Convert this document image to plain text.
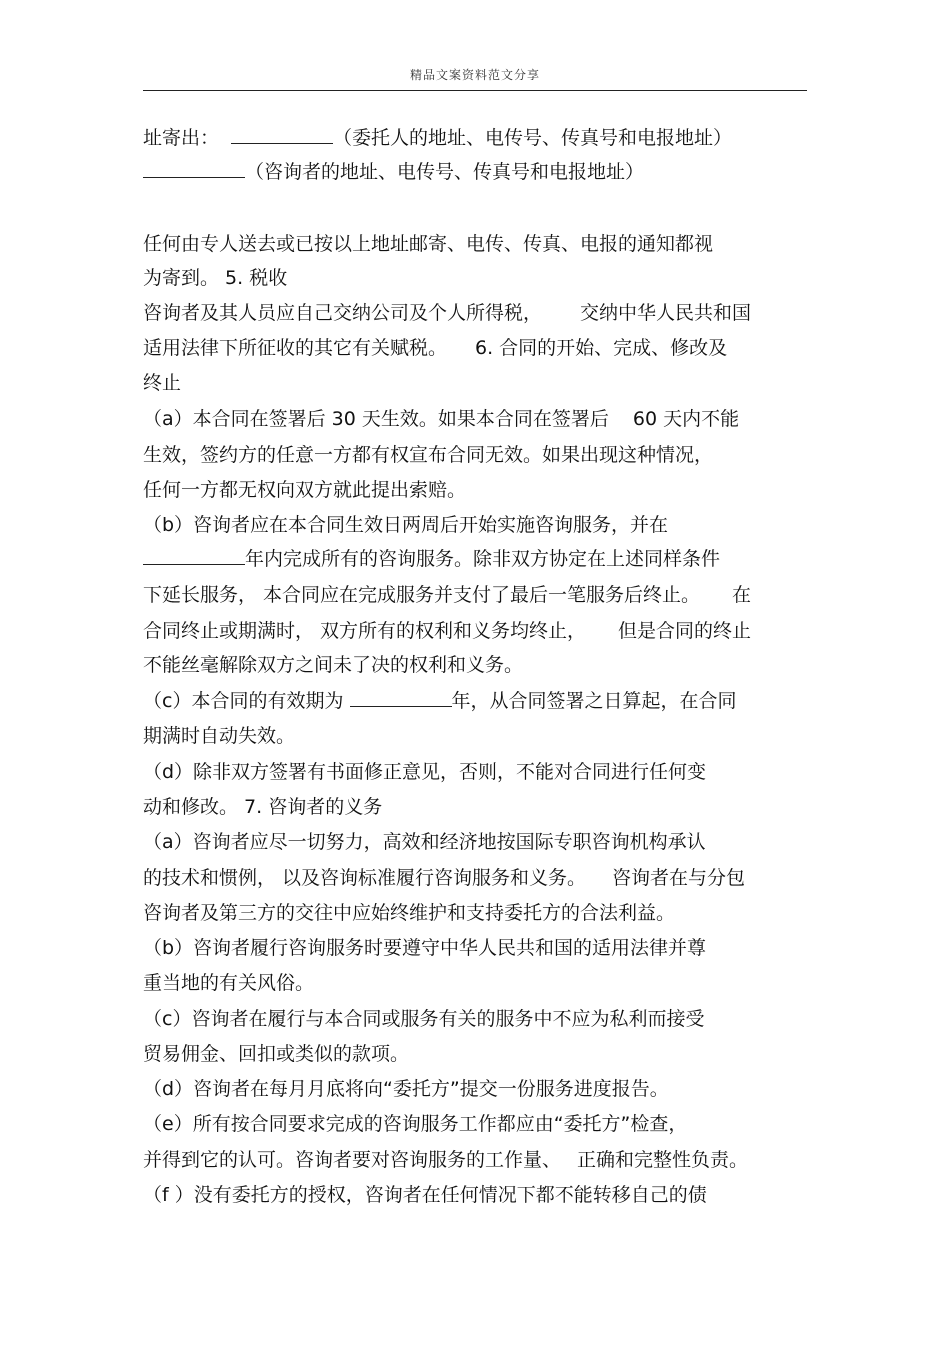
精品文案资料范文分享
址寄出：	（委托人的地址、电传号、传真号和电报地址）
（咨询者的地址、电传号、传真号和电报地址）
任何由专人送去或已按以上地址邮寄、电传、传真、电报的通知都视
为寄到。 5. 税收
咨询者及其人员应自己交纳公司及个人所得税， 交纳中华人民共和国
适用法律下所征收的其它有关赋税。 6. 合同的开始、完成、修改及
终止
（a）本合同在签署后 30 天生效。如果本合同在签署后 60 天内不能
生效，签约方的任意一方都有权宣布合同无效。如果出现这种情况，
任何一方都无权向双方就此提出索赔。
（b）咨询者应在本合同生效日两周后开始实施咨询服务，并在
年内完成所有的咨询服务。除非双方协定在上述同样条件
下延长服务， 本合同应在完成服务并支付了最后一笔服务后终止。 在
合同终止或期满时， 双方所有的权利和义务均终止， 但是合同的终止
不能丝毫解除双方之间未了决的权利和义务。
（c）本合同的有效期为	年，从合同签署之日算起，在合同
期满时自动失效。
（d）除非双方签署有书面修正意见，否则，不能对合同进行任何变
动和修改。 7. 咨询者的义务
（a）咨询者应尽一切努力，高效和经济地按国际专职咨询机构承认
的技术和惯例， 以及咨询标准履行咨询服务和义务。 咨询者在与分包
咨询者及第三方的交往中应始终维护和支持委托方的合法利益。
（b）咨询者履行咨询服务时要遵守中华人民共和国的适用法律并尊
重当地的有关风俗。
（c）咨询者在履行与本合同或服务有关的服务中不应为私利而接受
贸易佣金、回扣或类似的款项。
（d）咨询者在每月月底将向“委托方”提交一份服务进度报告。
（e）所有按合同要求完成的咨询服务工作都应由“委托方”检查，
并得到它的认可。咨询者要对咨询服务的工作量、 正确和完整性负责。
（f ）没有委托方的授权，咨询者在任何情况下都不能转移自己的债
